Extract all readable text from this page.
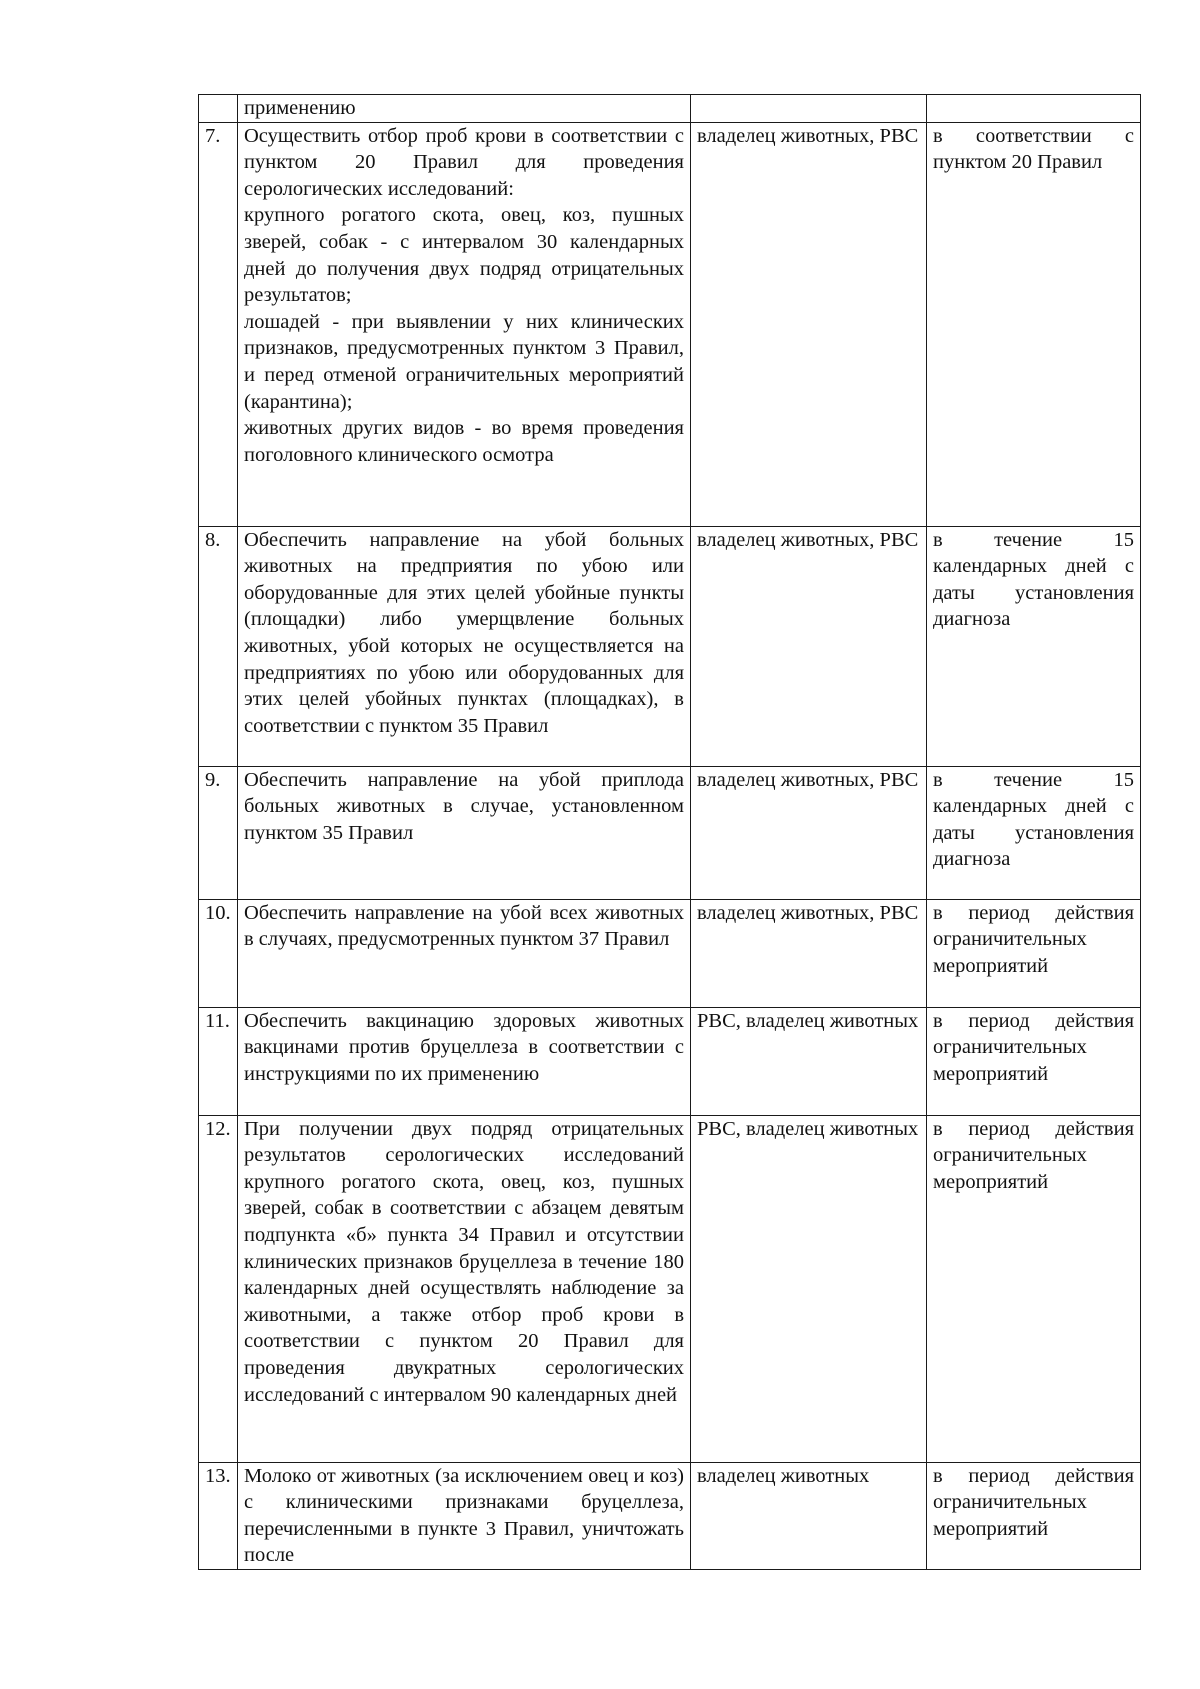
	применению		

7.	Осуществить отбор проб крови в соответствии с пунктом 20 Правил для проведения серологических исследований:
крупного рогатого скота, овец, коз, пушных зверей, собак - с интервалом 30 календарных дней до получения двух подряд отрицательных результатов;
лошадей - при выявлении у них клинических признаков, предусмотренных пунктом 3 Правил, и перед отменой ограничительных мероприятий (карантина);
животных других видов - во время проведения поголовного клинического осмотра	владелец животных, РВС	в соответствии с пунктом 20 Правил
8.	Обеспечить направление на убой больных животных на предприятия по убою или оборудованные для этих целей убойные пункты (площадки) либо умерщвление больных животных, убой которых не осуществляется на предприятиях по убою или оборудованных для этих целей убойных пунктах (площадках), в соответствии с пунктом 35 Правил	владелец животных, РВС	в течение 15 календарных дней с даты установления диагноза
9.	Обеспечить направление на убой приплода больных животных в случае, установленном пунктом 35 Правил	владелец животных, РВС	в течение 15 календарных дней с даты установления диагноза
10.	Обеспечить направление на убой всех животных в случаях, предусмотренных пунктом 37 Правил	владелец животных, РВС	в период действия ограничительных мероприятий
11.	Обеспечить вакцинацию здоровых животных вакцинами против бруцеллеза в соответствии с инструкциями по их применению	РВС, владелец животных	в период действия ограничительных мероприятий
12.	При получении двух подряд отрицательных результатов серологических исследований крупного рогатого скота, овец, коз, пушных зверей, собак в соответствии с абзацем девятым подпункта «б» пункта 34 Правил и отсутствии клинических признаков бруцеллеза в течение 180 календарных дней осуществлять наблюдение за животными, а также отбор проб крови в соответствии с пунктом 20 Правил для проведения двукратных серологических исследований с интервалом 90 календарных дней	РВС, владелец животных	в период действия ограничительных мероприятий
13.	Молоко от животных (за исключением овец и коз) с клиническими признаками бруцеллеза, перечисленными в пункте 3 Правил, уничтожать после	владелец животных	в период действия ограничительных мероприятий
